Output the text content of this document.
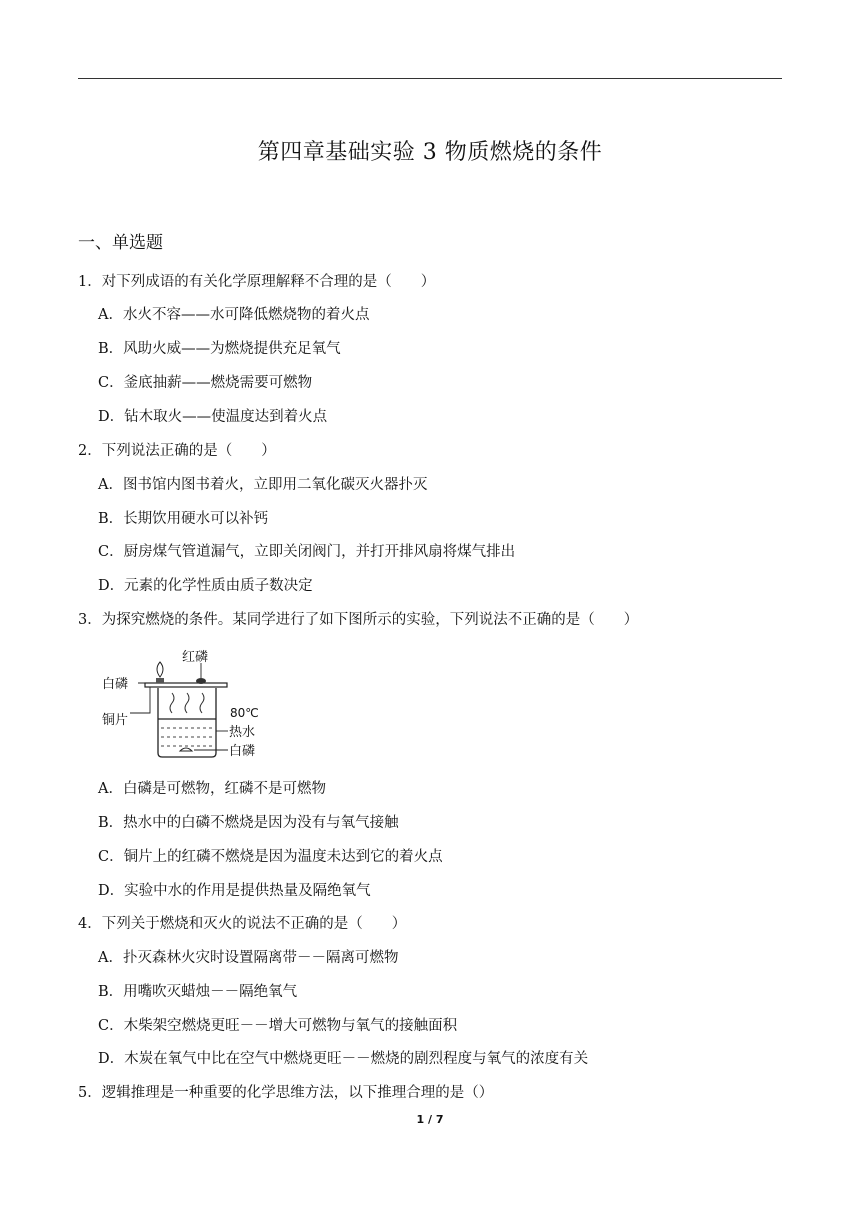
第四章基础实验 3 物质燃烧的条件
一、单选题
1．对下列成语的有关化学原理解释不合理的是（　　）
A．水火不容——水可降低燃烧物的着火点
B．风助火威——为燃烧提供充足氧气
C．釜底抽薪——燃烧需要可燃物
D．钻木取火——使温度达到着火点
2．下列说法正确的是（　　）
A．图书馆内图书着火，立即用二氧化碳灭火器扑灭
B．长期饮用硬水可以补钙
C．厨房煤气管道漏气，立即关闭阀门，并打开排风扇将煤气排出
D．元素的化学性质由质子数决定
3．为探究燃烧的条件。某同学进行了如下图所示的实验，下列说法不正确的是（　　）
红磷
白磷
铜片	80℃
热水
白磷
A．白磷是可燃物，红磷不是可燃物
B．热水中的白磷不燃烧是因为没有与氧气接触
C．铜片上的红磷不燃烧是因为温度未达到它的着火点
D．实验中水的作用是提供热量及隔绝氧气
4．下列关于燃烧和灭火的说法不正确的是（　　）
A．扑灭森林火灾时设置隔离带－－隔离可燃物
B．用嘴吹灭蜡烛－－隔绝氧气
C．木柴架空燃烧更旺－－增大可燃物与氧气的接触面积
D．木炭在氧气中比在空气中燃烧更旺－－燃烧的剧烈程度与氧气的浓度有关
5．逻辑推理是一种重要的化学思维方法，以下推理合理的是（）
1 / 7
